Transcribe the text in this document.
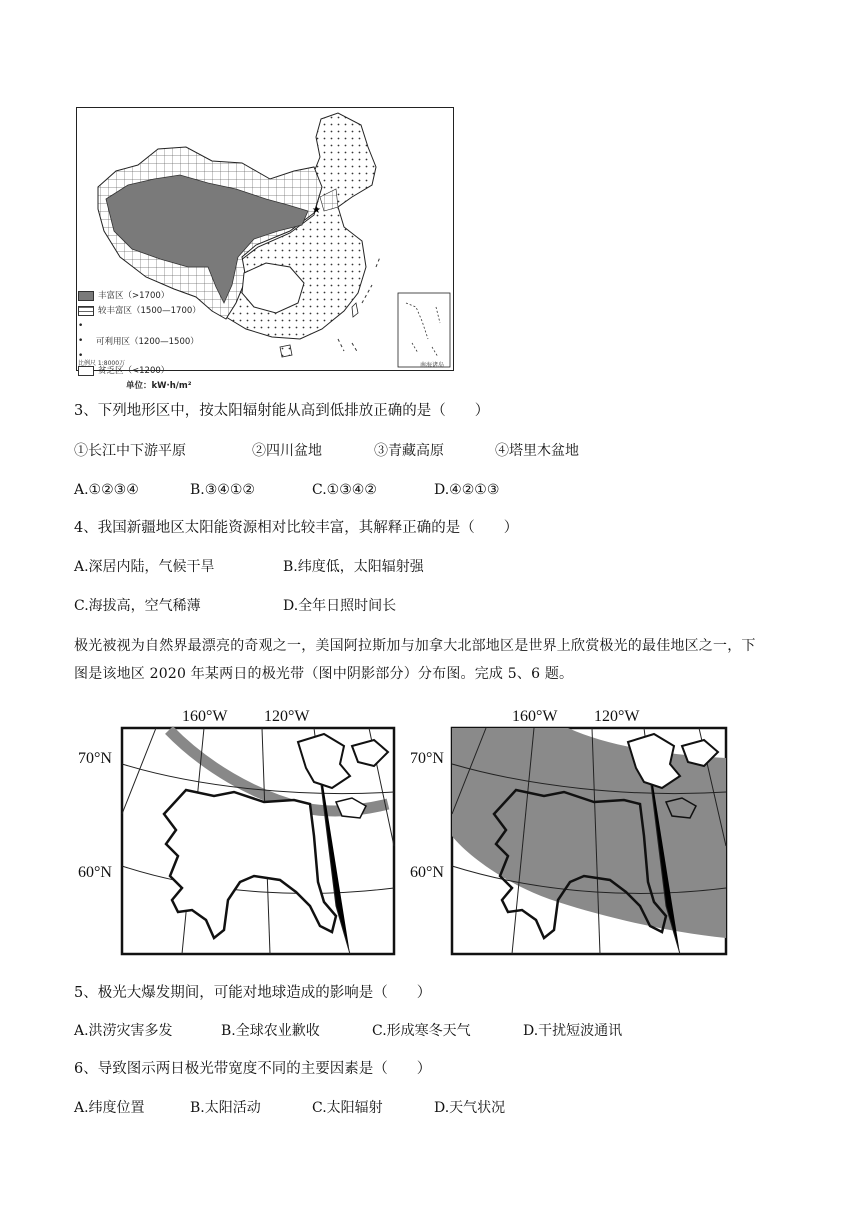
★
丰富区（>1700）
较丰富区（1500—1700）
• • •可利用区（1200—1500）
贫乏区（<1200）
单位：kW·h/m²
比例尺 1:8000万	南海诸岛
3、下列地形区中，按太阳辐射能从高到低排放正确的是（　　）
①长江中下游平原	②四川盆地	③青藏高原	④塔里木盆地
A.①②③④	B.③④①②	C.①③④②	D.④②①③
4、我国新疆地区太阳能资源相对比较丰富，其解释正确的是（　　）
A.深居内陆，气候干旱	B.纬度低，太阳辐射强
C.海拔高，空气稀薄	D.全年日照时间长
极光被视为自然界最漂亮的奇观之一，美国阿拉斯加与加拿大北部地区是世界上欣赏极光的最佳地区之一，下
图是该地区 2020 年某两日的极光带（图中阴影部分）分布图。完成 5、6 题。
160°W 120°W
70°N
60°N
160°W 120°W
70°N
60°N
5、极光大爆发期间，可能对地球造成的影响是（　　）
A.洪涝灾害多发	B.全球农业歉收	C.形成寒冬天气	D.干扰短波通讯
6、导致图示两日极光带宽度不同的主要因素是（　　）
A.纬度位置	B.太阳活动	C.太阳辐射	D.天气状况
